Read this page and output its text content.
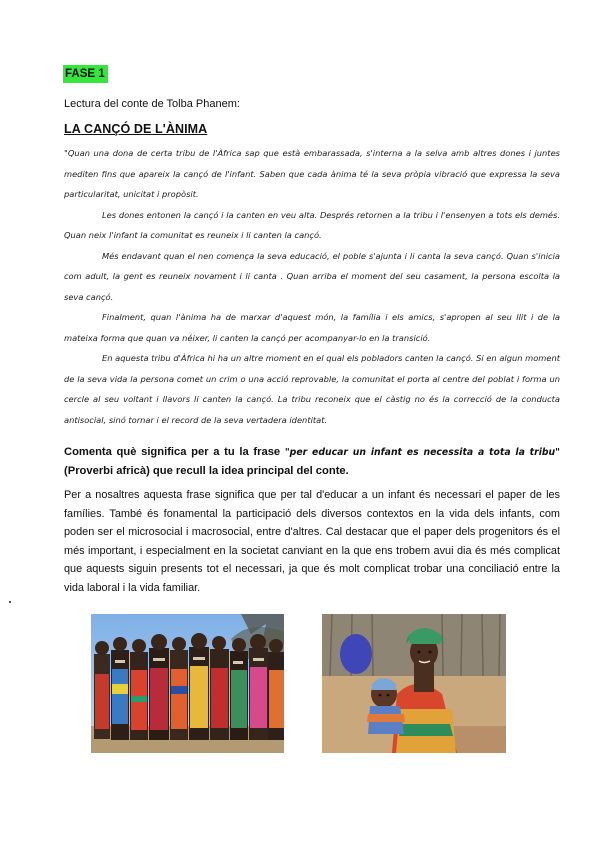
FASE 1
Lectura del conte de Tolba Phanem:
LA CANÇÓ DE L'ÀNIMA

"Quan una dona de certa tribu de l'Àfrica sap que està embarassada, s'interna a la selva amb altres dones i juntes mediten fins que apareix la cançó de l'infant. Saben que cada ànima té la seva pròpia vibració que expressa la seva particularitat, unicitat i propòsit.

Les dones entonen la cançó i la canten en veu alta. Després retornen a la tribu i l'ensenyen a tots els demés. Quan neix l'infant la comunitat es reuneix i li canten la cançó.

Més endavant quan el nen comença la seva educació, el poble s'ajunta i li canta la seva cançó. Quan s'inicia com adult, la gent es reuneix novament i li canta . Quan arriba el moment del seu casament, la persona escolta la seva cançó.

Finalment, quan l'ànima ha de marxar d'aquest món, la família i els amics, s'apropen al seu llit i de la mateixa forma que quan va néixer, li canten la cançó per acompanyar-lo en la transició.

En aquesta tribu d'Àfrica hi ha un altre moment en el qual els pobladors canten la cançó. Si en algun moment de la seva vida la persona comet un crim o una acció reprovable, la comunitat el porta al centre del poblat i forma un cercle al seu voltant i llavors li canten la cançó. La tribu reconeix que el càstig no és la correcció de la conducta antisocial, sinó tornar i el record de la seva vertadera identitat.

Comenta què significa per a tu la frase "per educar un infant es necessita a tota la tribu" (Proverbi africà) que recull la idea principal del conte.
Per a nosaltres aquesta frase significa que per tal d'educar a un infant és necessari el paper de les famílies. També és fonamental la participació dels diversos contextos en la vida dels infants, com poden ser el microsocial i macrosocial, entre d'altres. Cal destacar que el paper dels progenitors és el més important, i especialment en la societat canviant en la que ens trobem avui dia és més complicat que aquests siguin presents tot el necessari, ja que és molt complicat trobar una conciliació entre la vida laboral i la vida familiar.
